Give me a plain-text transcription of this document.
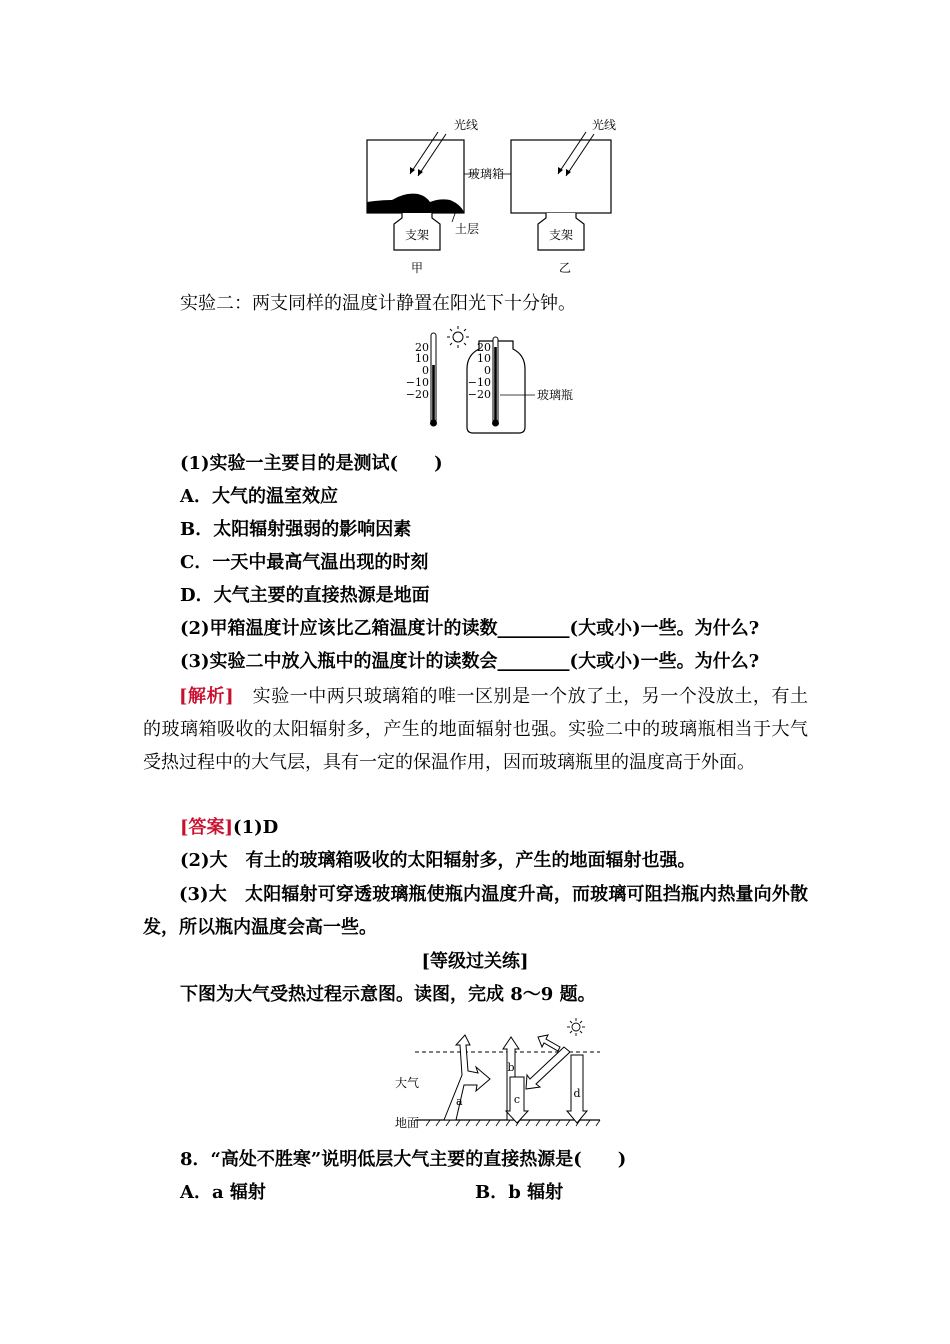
支架
光线
土层
玻璃箱
支架
光线
甲	乙
实验二：两支同样的温度计静置在阳光下十分钟。
20
10
0
−10
−20
20
10
0
−10
−20	玻璃瓶
(1)实验一主要目的是测试(　　)
A．大气的温室效应
B．太阳辐射强弱的影响因素
C．一天中最高气温出现的时刻
D．大气主要的直接热源是地面
(2)甲箱温度计应该比乙箱温度计的读数________(大或小)一些。为什么?
(3)实验二中放入瓶中的温度计的读数会________(大或小)一些。为什么?
[解析]　实验一中两只玻璃箱的唯一区别是一个放了土，另一个没放土，有土的玻璃箱吸收的太阳辐射多，产生的地面辐射也强。实验二中的玻璃瓶相当于大气受热过程中的大气层，具有一定的保温作用，因而玻璃瓶里的温度高于外面。
[答案](1)D
(2)大　有土的玻璃箱吸收的太阳辐射多，产生的地面辐射也强。
(3)大　太阳辐射可穿透玻璃瓶使瓶内温度升高，而玻璃可阻挡瓶内热量向外散发，所以瓶内温度会高一些。
[等级过关练]
下图为大气受热过程示意图。读图，完成 8～9 题。
a
b
c	d
大气
地面
8．“高处不胜寒”说明低层大气主要的直接热源是(　　)
A．a 辐射	B．b 辐射
